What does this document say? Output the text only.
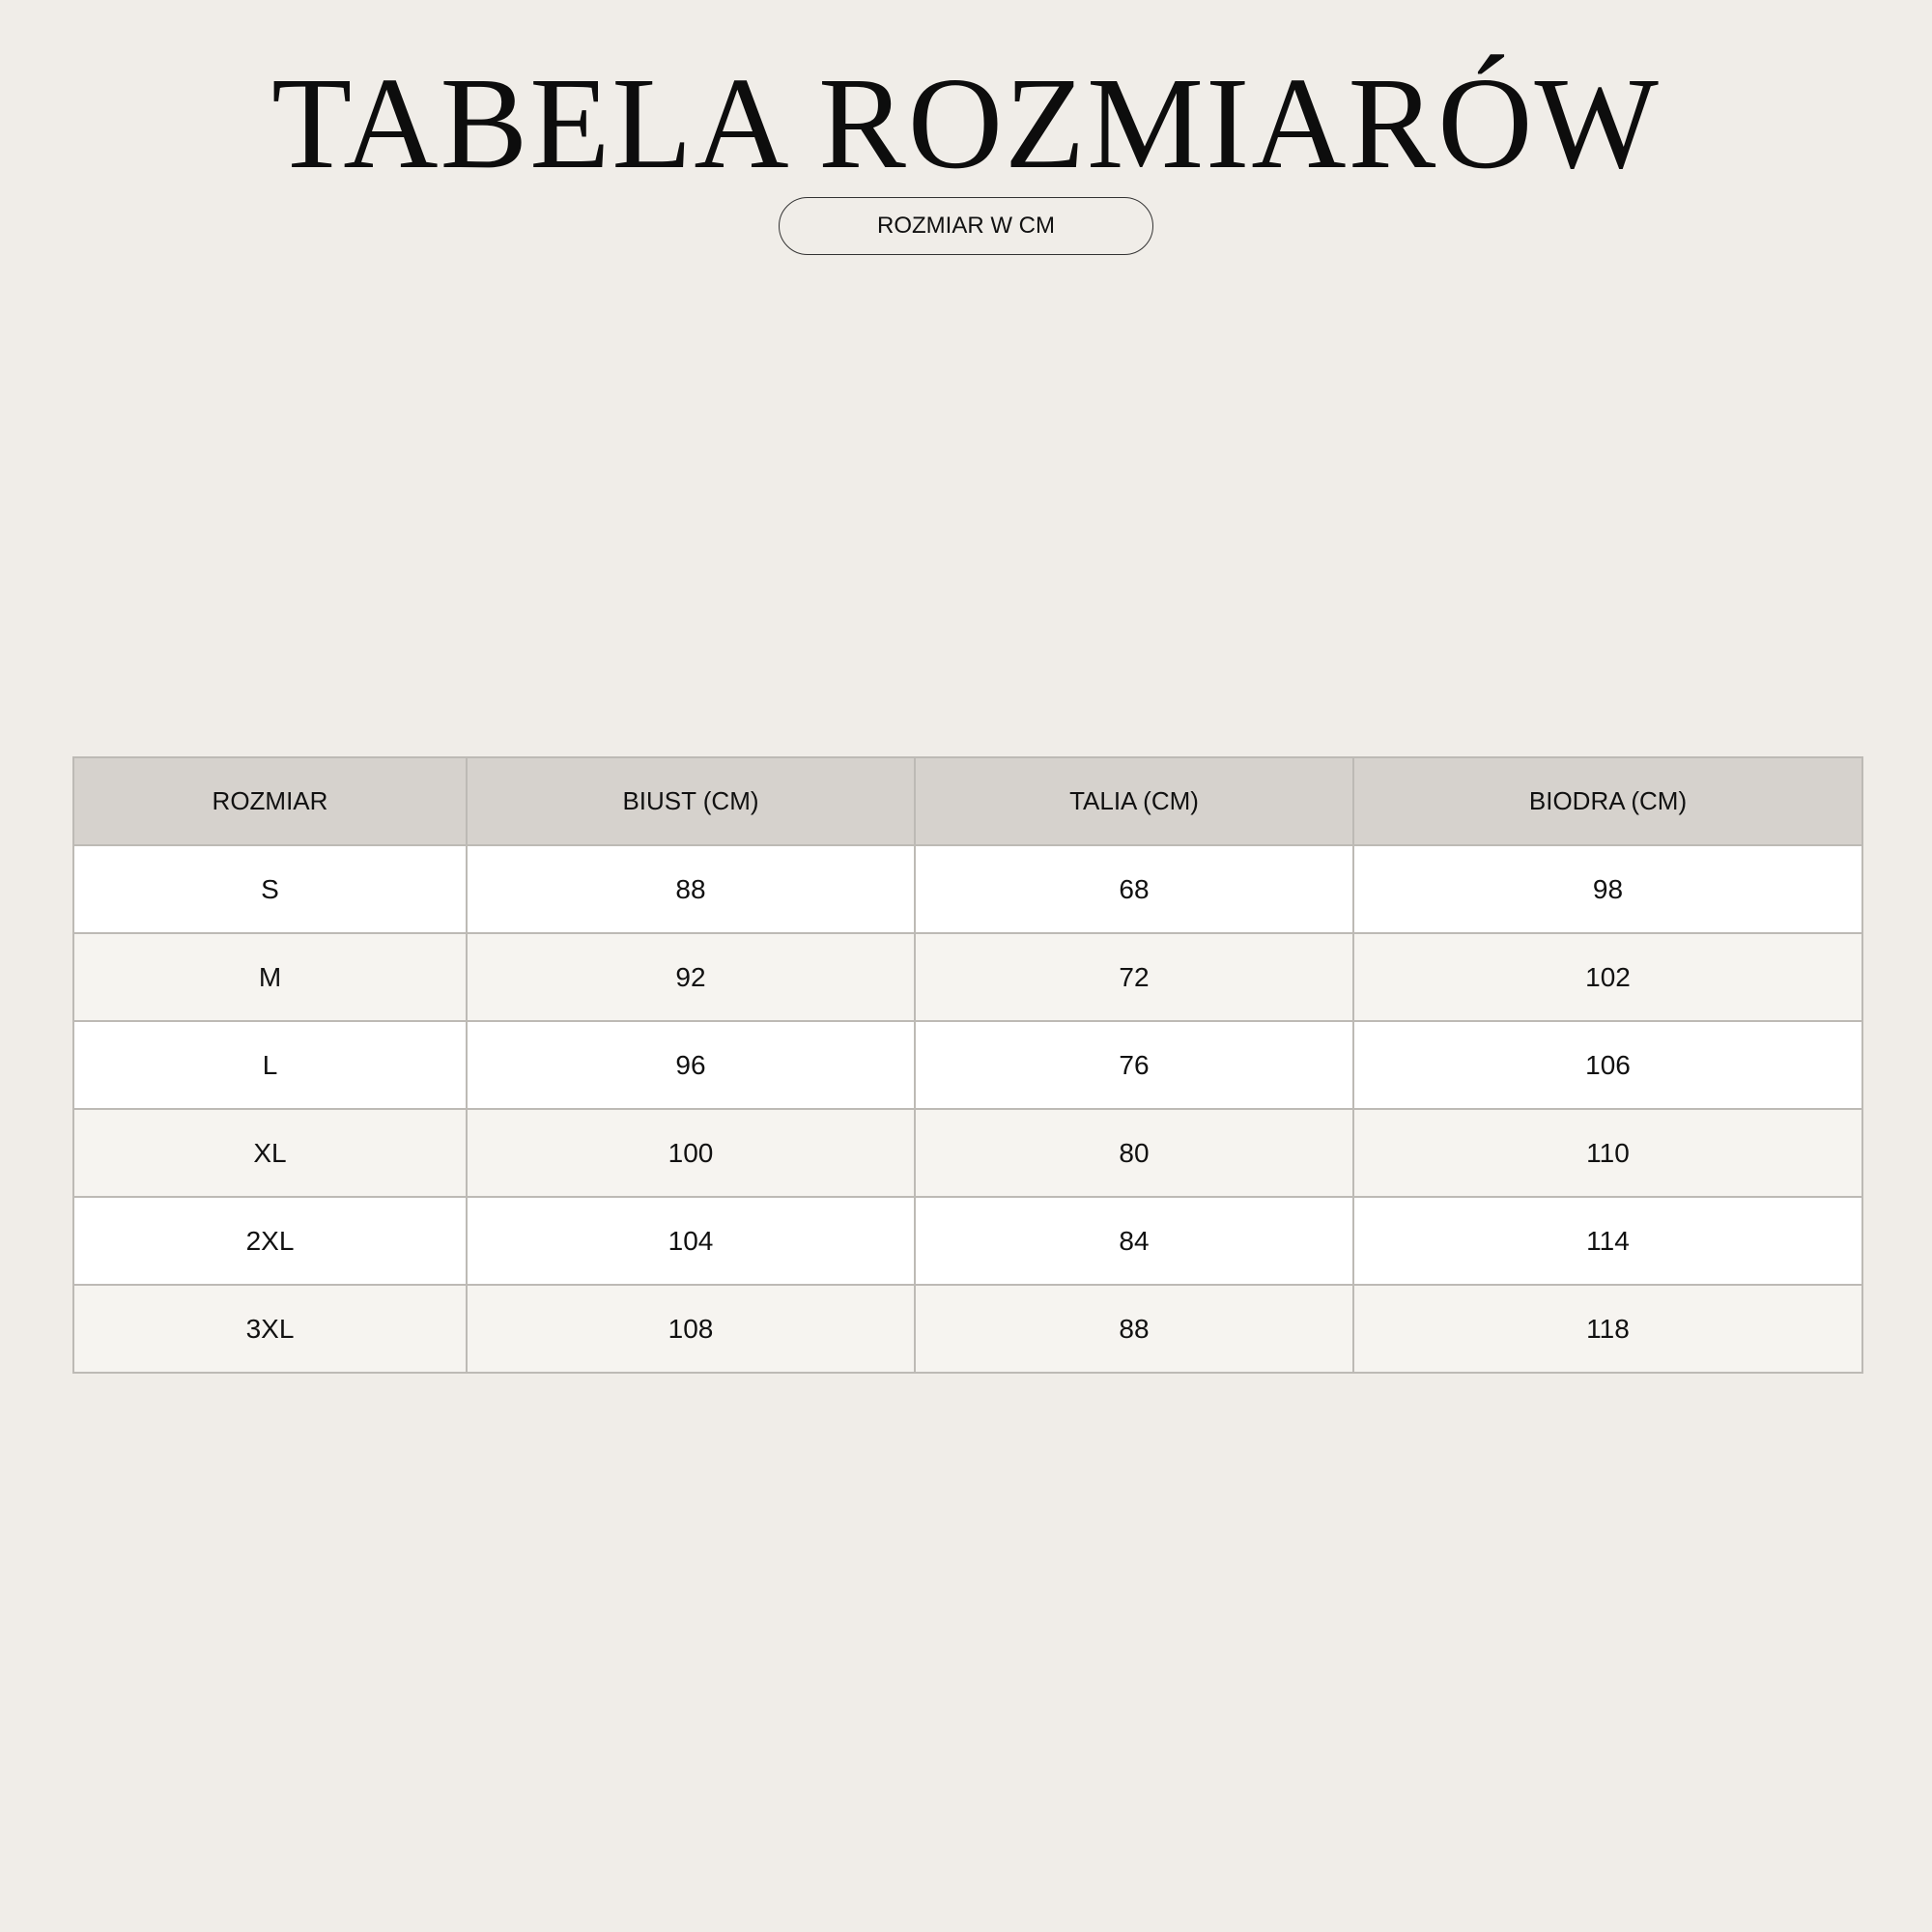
TABELA ROZMIARÓW
ROZMIAR W CM
ROZMIAR	BIUST (CM)	TALIA (CM)	BIODRA (CM)
S	88	68	98
M	92	72	102
L	96	76	106
XL	100	80	110
2XL	104	84	114
3XL	108	88	118
